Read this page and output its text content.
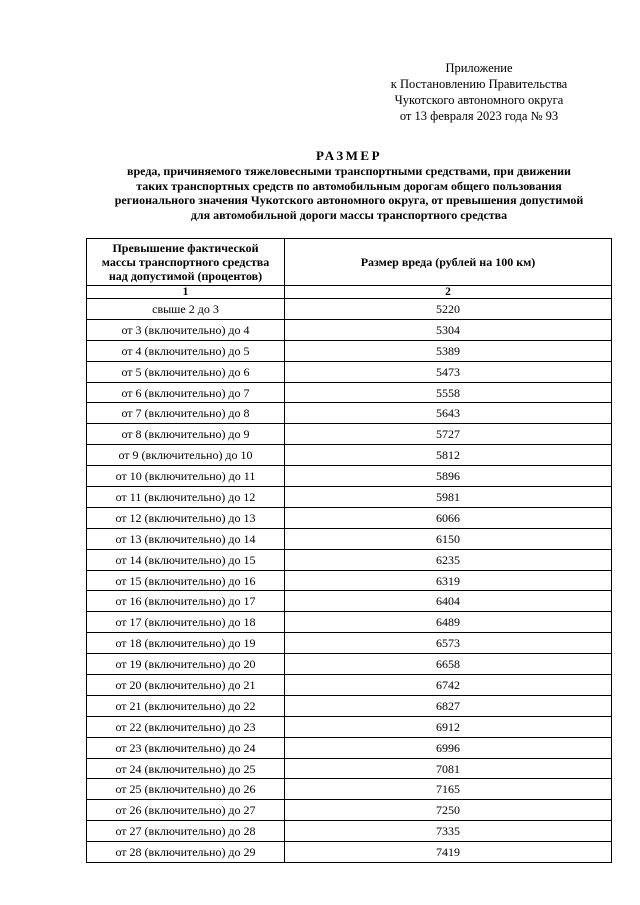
Приложение
к Постановлению Правительства
Чукотского автономного округа
от 13 февраля 2023 года № 93
РАЗМЕР
вреда, причиняемого тяжеловесными транспортными средствами, при движении
таких транспортных средств по автомобильным дорогам общего пользования
регионального значения Чукотского автономного округа, от превышения допустимой
для автомобильной дороги массы транспортного средства
Превышение фактической
массы транспортного средства
над допустимой (процентов)	Размер вреда (рублей на 100 км)

1	2
свыше 2 до 3	5220
от 3 (включительно) до 4	5304
от 4 (включительно) до 5	5389
от 5 (включительно) до 6	5473
от 6 (включительно) до 7	5558
от 7 (включительно) до 8	5643
от 8 (включительно) до 9	5727
от 9 (включительно) до 10	5812
от 10 (включительно) до 11	5896
от 11 (включительно) до 12	5981
от 12 (включительно) до 13	6066
от 13 (включительно) до 14	6150
от 14 (включительно) до 15	6235
от 15 (включительно) до 16	6319
от 16 (включительно) до 17	6404
от 17 (включительно) до 18	6489
от 18 (включительно) до 19	6573
от 19 (включительно) до 20	6658
от 20 (включительно) до 21	6742
от 21 (включительно) до 22	6827
от 22 (включительно) до 23	6912
от 23 (включительно) до 24	6996
от 24 (включительно) до 25	7081
от 25 (включительно) до 26	7165
от 26 (включительно) до 27	7250
от 27 (включительно) до 28	7335
от 28 (включительно) до 29	7419
